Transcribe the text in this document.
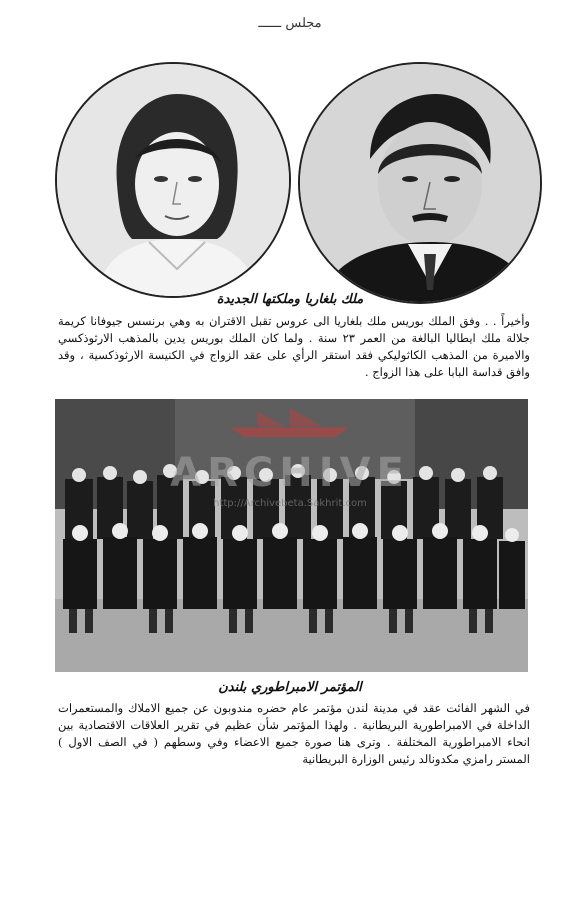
مجلس ــــــ
ملك بلغاريا وملكتها الجديدة

وأخيراً . . وفق الملك بوريس ملك بلغاريا الى عروس تقبل الاقتران به وهي برنسس جيوفانا كريمة جلالة ملك ايطاليا البالغة من العمر ٢٣ سنة . ولما كان الملك بوريس يدين بالمذهب الارثوذكسي والاميرة من المذهب الكاثوليكي فقد استقر الرأي على عقد الزواج في الكنيسة الارثوذكسية ، وقد وافق قداسة البابا على هذا الزواج .

ARCHIVE
http://Archivebeta.Sakhrit.com
المؤتمر الامبراطوري بلندن

في الشهر الفائت عقد في مدينة لندن مؤتمر عام حضره مندوبون عن جميع الاملاك والمستعمرات الداخلة في الامبراطورية البريطانية . ولهذا المؤتمر شأن عظيم في تقرير العلاقات الاقتصادية بين انحاء الامبراطورية المختلفة . وترى هنا صورة جميع الاعضاء وفي وسطهم ( في الصف الاول ) المستر رامزي مكدونالد رئيس الوزارة البريطانية
